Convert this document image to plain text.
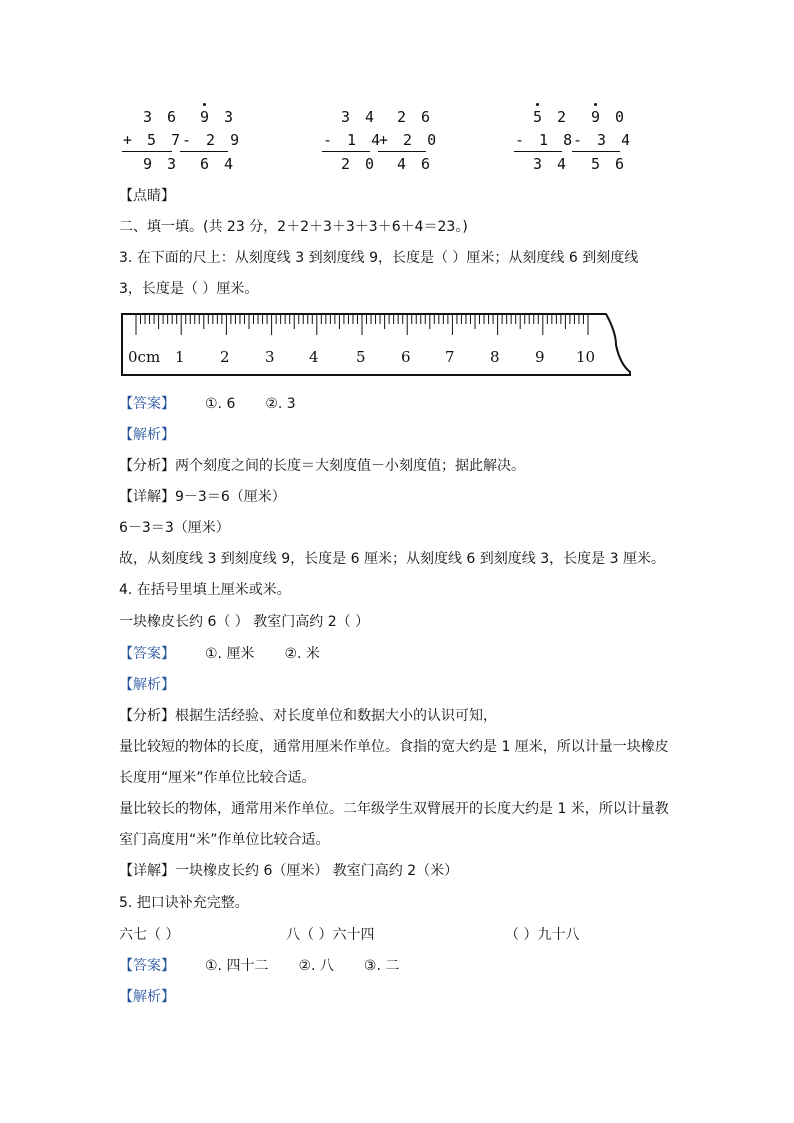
3 6
+ 5 7
9 3
9 3
- 2 9
6 4
3 4
- 1 4
2 0
2 6
+ 2 0
4 6
5 2
- 1 8
3 4
9 0
- 3 4
5 6
【点睛】
二、填一填。(共 23 分，2＋2＋3＋3＋3＋6＋4＝23。)
3. 在下面的尺上：从刻度线 3 到刻度线 9，长度是（ ）厘米；从刻度线 6 到刻度线
3，长度是（ ）厘米。
0cm 1 2 3 4 5 6 7 8 9 10
【答案】 ①. 6 ②. 3
【解析】
【分析】两个刻度之间的长度＝大刻度值－小刻度值；据此解决。
【详解】9－3＝6（厘米）
6－3＝3（厘米）
故，从刻度线 3 到刻度线 9，长度是 6 厘米；从刻度线 6 到刻度线 3，长度是 3 厘米。
4. 在括号里填上厘米或米。
一块橡皮长约 6（ ） 教室门高约 2（ ）
【答案】 ①. 厘米 ②. 米
【解析】
【分析】根据生活经验、对长度单位和数据大小的认识可知，
量比较短的物体的长度，通常用厘米作单位。食指的宽大约是 1 厘米，所以计量一块橡皮
长度用“厘米”作单位比较合适。
量比较长的物体，通常用米作单位。二年级学生双臂展开的长度大约是 1 米，所以计量教
室门高度用“米”作单位比较合适。
【详解】一块橡皮长约 6（厘米） 教室门高约 2（米）
5. 把口诀补充完整。
六七（ ）	八（ ）六十四	（ ）九十八
【答案】 ①. 四十二 ②. 八 ③. 二
【解析】
